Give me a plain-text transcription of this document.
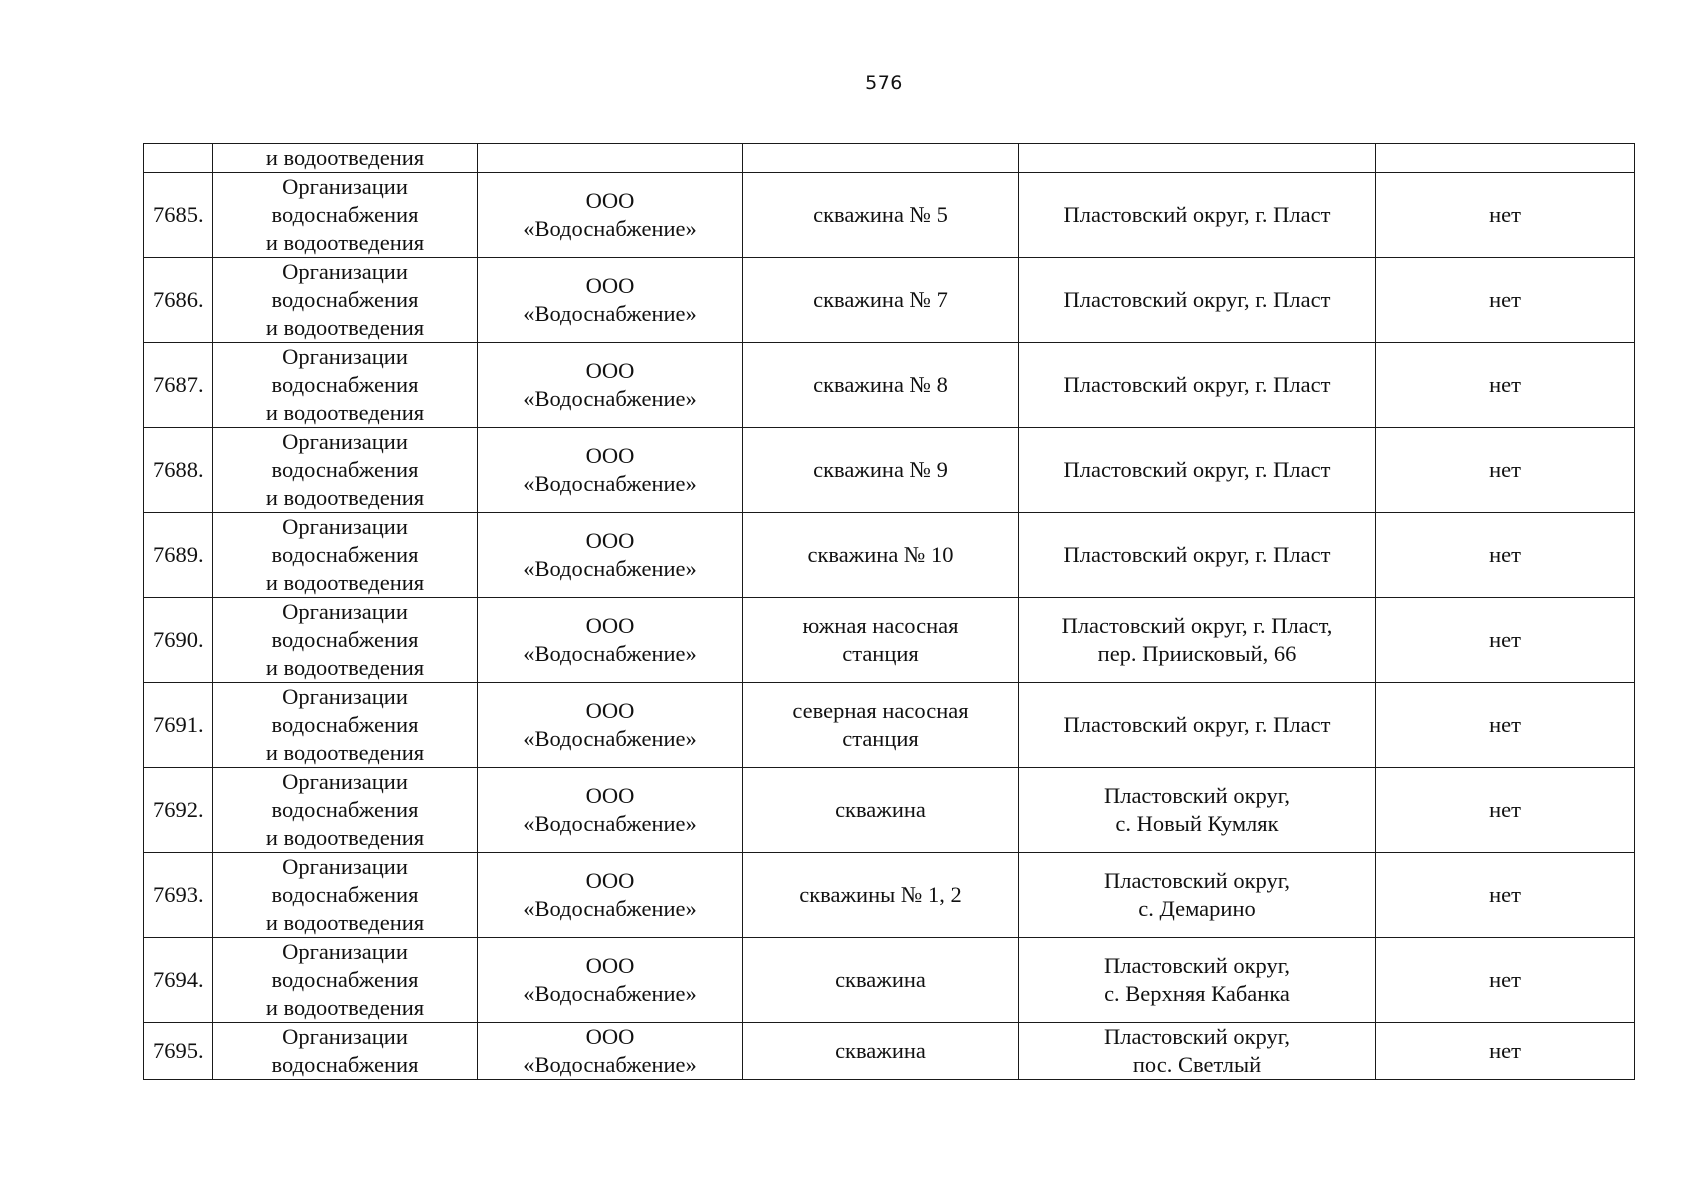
576

	и водоотведения				

7685.	Организации
водоснабжения
и водоотведения	ООО
«Водоснабжение»	скважина № 5	Пластовский округ, г. Пласт	нет

7686.	Организации
водоснабжения
и водоотведения	ООО
«Водоснабжение»	скважина № 7	Пластовский округ, г. Пласт	нет

7687.	Организации
водоснабжения
и водоотведения	ООО
«Водоснабжение»	скважина № 8	Пластовский округ, г. Пласт	нет

7688.	Организации
водоснабжения
и водоотведения	ООО
«Водоснабжение»	скважина № 9	Пластовский округ, г. Пласт	нет

7689.	Организации
водоснабжения
и водоотведения	ООО
«Водоснабжение»	скважина № 10	Пластовский округ, г. Пласт	нет

7690.	Организации
водоснабжения
и водоотведения	ООО
«Водоснабжение»	южная насосная
станция	Пластовский округ, г. Пласт,
пер. Приисковый, 66	нет

7691.	Организации
водоснабжения
и водоотведения	ООО
«Водоснабжение»	северная насосная
станция	Пластовский округ, г. Пласт	нет

7692.	Организации
водоснабжения
и водоотведения	ООО
«Водоснабжение»	скважина	Пластовский округ,
с. Новый Кумляк	нет

7693.	Организации
водоснабжения
и водоотведения	ООО
«Водоснабжение»	скважины № 1, 2	Пластовский округ,
с. Демарино	нет

7694.	Организации
водоснабжения
и водоотведения	ООО
«Водоснабжение»	скважина	Пластовский округ,
с. Верхняя Кабанка	нет

7695.	Организации
водоснабжения	ООО
«Водоснабжение»	скважина	Пластовский округ,
пос. Светлый	нет
